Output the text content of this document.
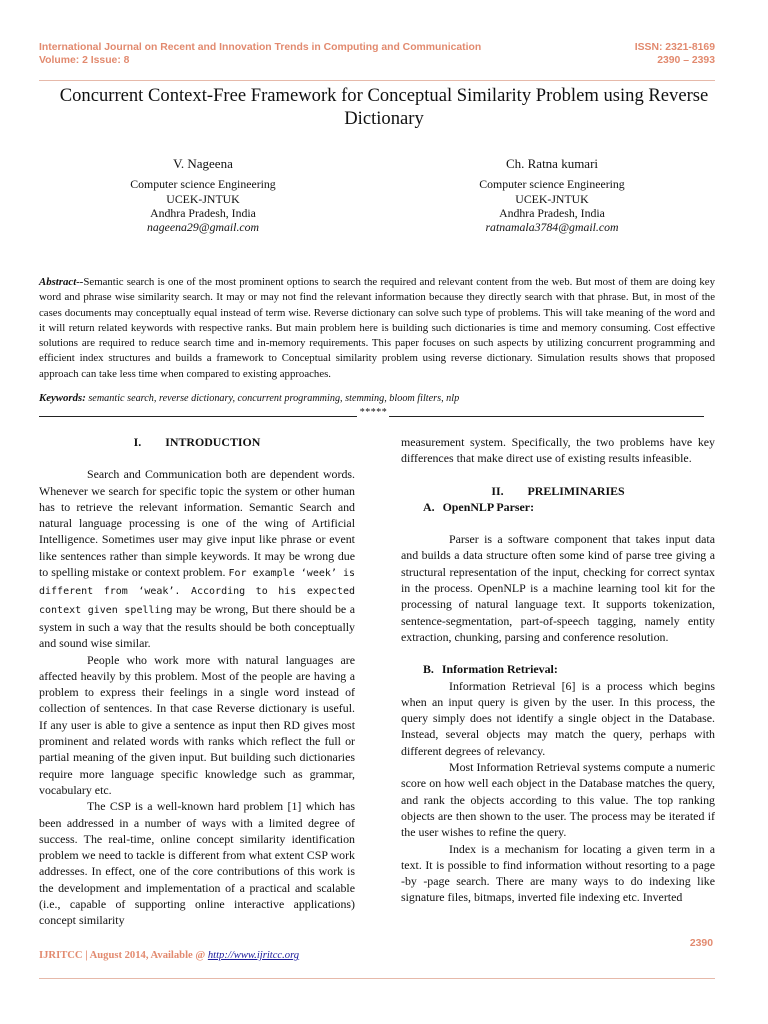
International Journal on Recent and Innovation Trends in Computing and Communication
Volume: 2 Issue: 8
ISSN: 2321-8169
2390 – 2393
Concurrent Context-Free Framework for Conceptual Similarity Problem using Reverse Dictionary
V. Nageena
Computer science Engineering
UCEK-JNTUK
Andhra Pradesh, India
nageena29@gmail.com
Ch. Ratna kumari
Computer science Engineering
UCEK-JNTUK
Andhra Pradesh, India
ratnamala3784@gmail.com
Abstract--Semantic search is one of the most prominent options to search the required and relevant content from the web. But most of them are doing key word and phrase wise similarity search. It may or may not find the relevant information because they directly search with that phrase. But, in most of the cases documents may conceptually equal instead of term wise. Reverse dictionary can solve such type of problems. This will take meaning of the word and it will return related keywords with respective ranks. But main problem here is building such dictionaries is time and memory consuming. Cost effective solutions are required to reduce search time and in-memory requirements. This paper focuses on such aspects by utilizing concurrent programming and efficient index structures and builds a framework to Conceptual similarity problem using reverse dictionary. Simulation results shows that proposed approach can take less time when compared to existing approaches.
Keywords: semantic search, reverse dictionary, concurrent programming, stemming, bloom filters, nlp
*****
I. INTRODUCTION

Search and Communication both are dependent words. Whenever we search for specific topic the system or other human has to retrieve the relevant information. Semantic Search and natural language processing is one of the wing of Artificial Intelligence. Sometimes user may give input like phrase or event like sentences rather than simple keywords. It may be wrong due to spelling mistake or context problem. For example ‘week’ is different from ‘weak’. According to his expected context given spelling may be wrong, But there should be a system in such a way that the results should be both conceptually and sound wise similar.

People who work more with natural languages are affected heavily by this problem. Most of the people are having a problem to express their feelings in a single word instead of collection of sentences. In that case Reverse dictionary is useful. If any user is able to give a sentence as input then RD gives most prominent and related words with ranks which reflect the full or partial meaning of the given input. But building such dictionaries require more language specific knowledge such as grammar, vocabulary etc.

The CSP is a well-known hard problem [1] which has been addressed in a number of ways with a limited degree of success. The real-time, online concept similarity identification problem we need to tackle is different from what extent CSP work addresses. In effect, one of the core contributions of this work is the development and implementation of a practical and scalable (i.e., capable of supporting online interactive applications) concept similarity

measurement system. Specifically, the two problems have key differences that make direct use of existing results infeasible.

II. PRELIMINARIES
A. OpenNLP Parser:

Parser is a software component that takes input data and builds a data structure often some kind of parse tree giving a structural representation of the input, checking for correct syntax in the process. OpenNLP is a machine learning tool kit for the processing of natural language text. It supports tokenization, sentence-segmentation, part-of-speech tagging, namely entity extraction, chunking, parsing and conference resolution.

B. Information Retrieval:

Information Retrieval [6] is a process which begins when an input query is given by the user. In this process, the query simply does not identify a single object in the Database. Instead, several objects may match the query, perhaps with different degrees of relevancy.

Most Information Retrieval systems compute a numeric score on how well each object in the Database matches the query, and rank the objects according to this value. The top ranking objects are then shown to the user. The process may be iterated if the user wishes to refine the query.

Index is a mechanism for locating a given term in a text. It is possible to find information without resorting to a page -by -page search. There are many ways to do indexing like signature files, bitmaps, inverted file indexing etc. Inverted

2390
IJRITCC | August 2014, Available @ http://www.ijritcc.org
